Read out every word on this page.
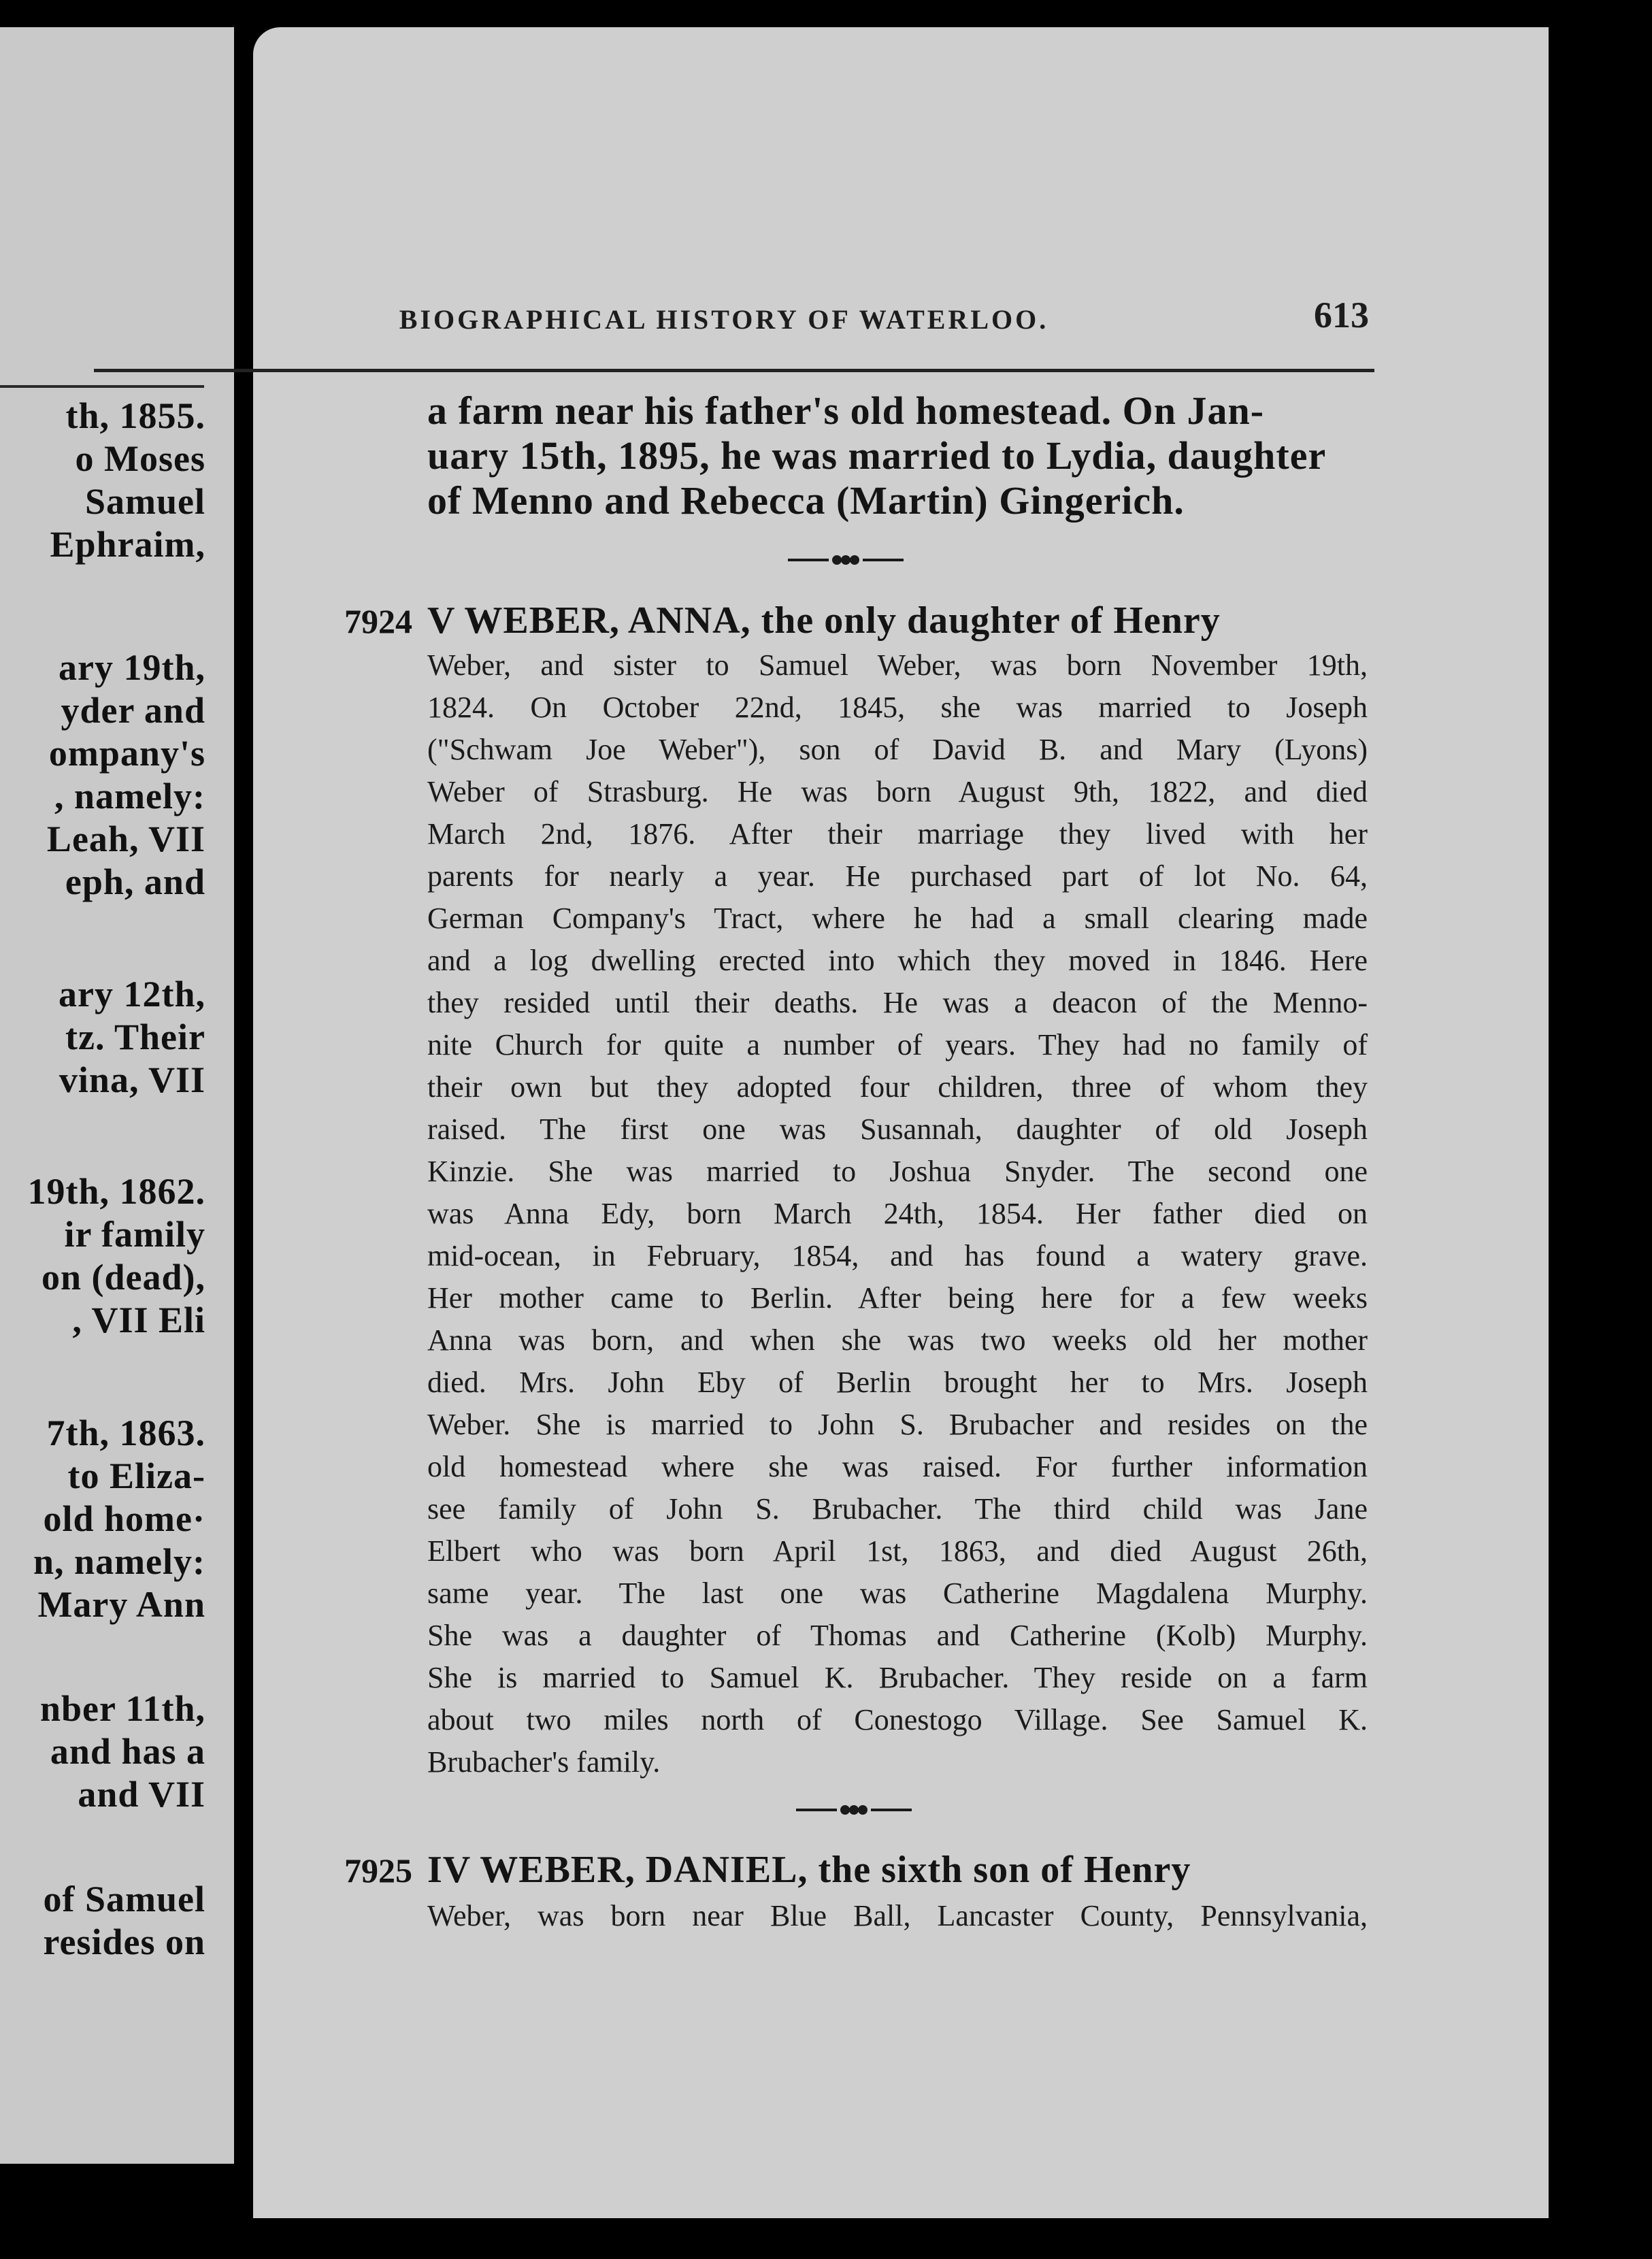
th, 1855.
o Moses
Samuel
Ephraim,
ary 19th,
yder and
ompany's
, namely:
Leah, VII
eph, and
ary 12th,
tz. Their
vina, VII
19th, 1862.
ir family
on (dead),
, VII Eli
7th, 1863.
to Eliza-
old home·
n, namely:
Mary Ann
nber 11th,
and has a
and VII
of Samuel
resides on
BIOGRAPHICAL HISTORY OF WATERLOO.	613
a farm near his father's old homestead. On Jan-
uary 15th, 1895, he was married to Lydia, daughter
of Menno and Rebecca (Martin) Gingerich.
7924 V WEBER, ANNA, the only daughter of Henry
Weber, and sister to Samuel Weber, was born November 19th,
1824. On October 22nd, 1845, she was married to Joseph
("Schwam Joe Weber"), son of David B. and Mary (Lyons)
Weber of Strasburg. He was born August 9th, 1822, and died
March 2nd, 1876. After their marriage they lived with her
parents for nearly a year. He purchased part of lot No. 64,
German Company's Tract, where he had a small clearing made
and a log dwelling erected into which they moved in 1846. Here
they resided until their deaths. He was a deacon of the Menno-
nite Church for quite a number of years. They had no family of
their own but they adopted four children, three of whom they
raised. The first one was Susannah, daughter of old Joseph
Kinzie. She was married to Joshua Snyder. The second one
was Anna Edy, born March 24th, 1854. Her father died on
mid-ocean, in February, 1854, and has found a watery grave.
Her mother came to Berlin. After being here for a few weeks
Anna was born, and when she was two weeks old her mother
died. Mrs. John Eby of Berlin brought her to Mrs. Joseph
Weber. She is married to John S. Brubacher and resides on the
old homestead where she was raised. For further information
see family of John S. Brubacher. The third child was Jane
Elbert who was born April 1st, 1863, and died August 26th,
same year. The last one was Catherine Magdalena Murphy.
She was a daughter of Thomas and Catherine (Kolb) Murphy.
She is married to Samuel K. Brubacher. They reside on a farm
about two miles north of Conestogo Village. See Samuel K.
Brubacher's family.
7925 IV WEBER, DANIEL, the sixth son of Henry
Weber, was born near Blue Ball, Lancaster County, Pennsylvania,
